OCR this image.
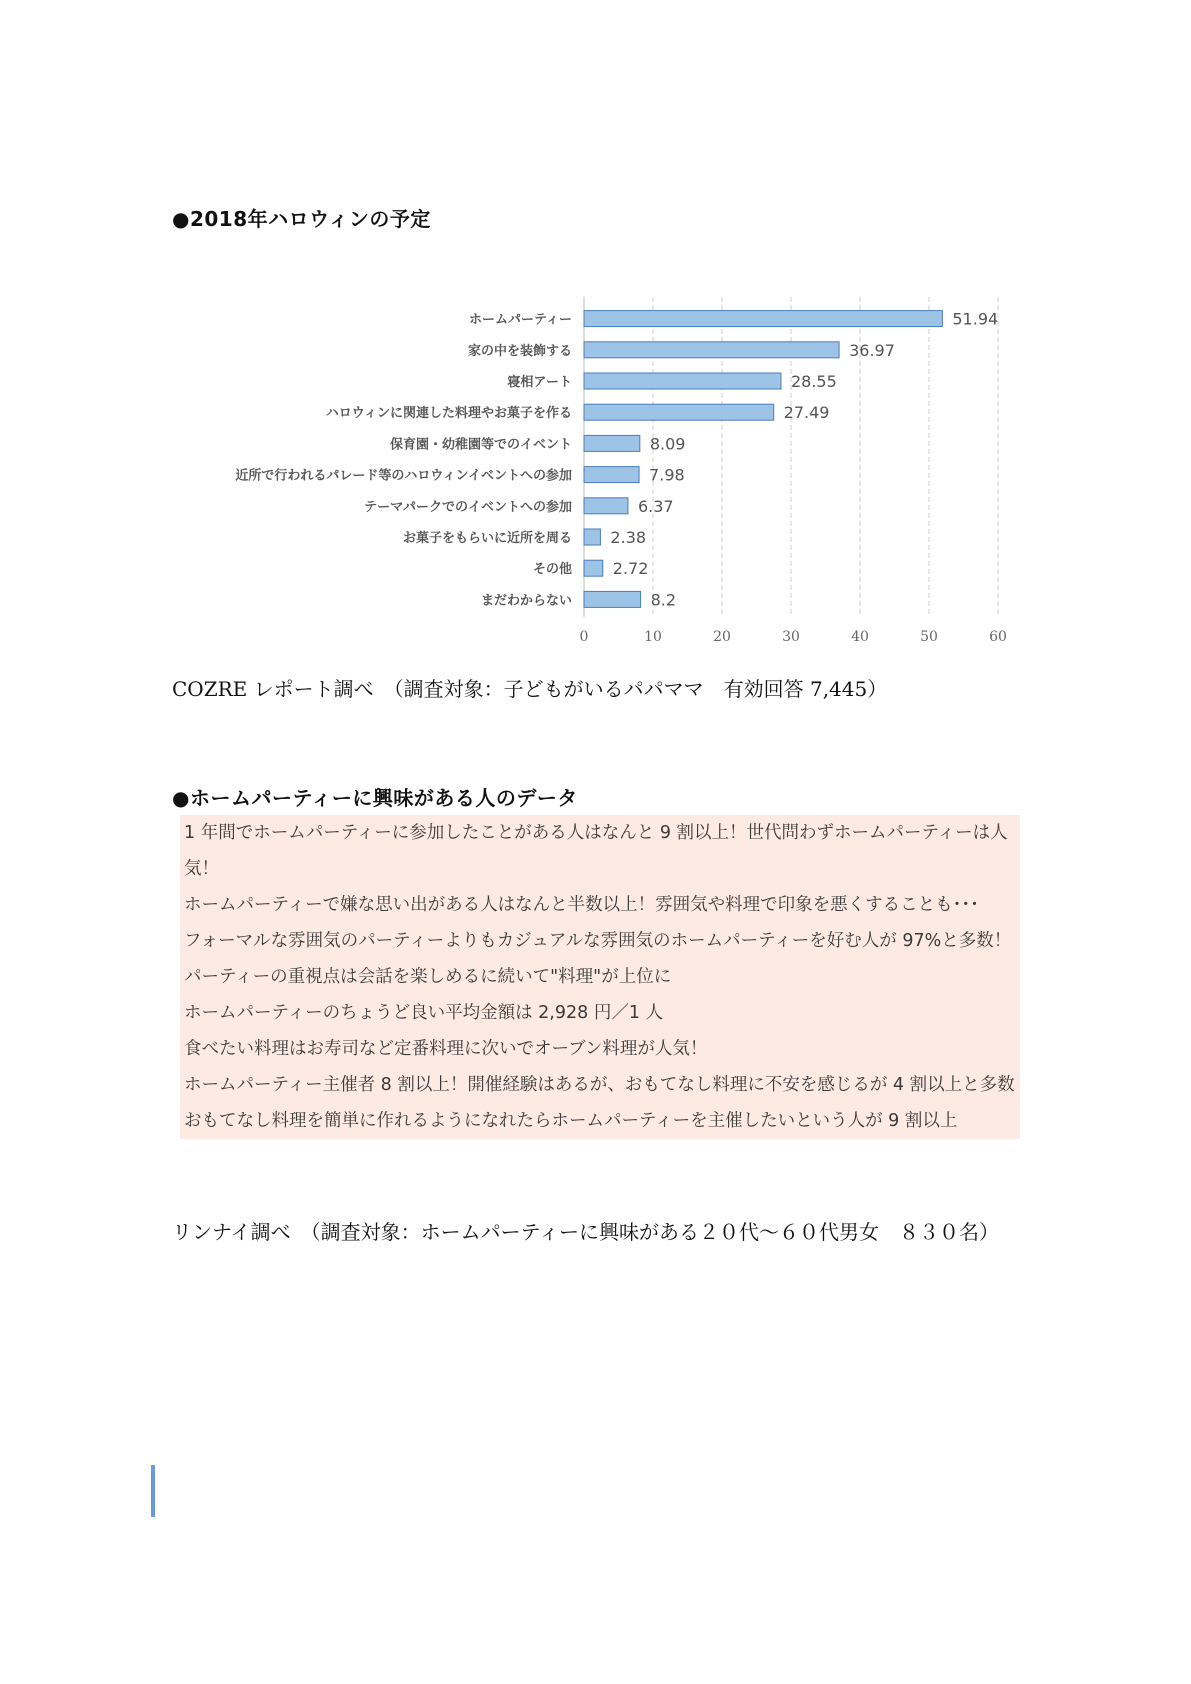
●2018年ハロウィンの予定
ホームパーティー
家の中を装飾する
寝相アート
ハロウィンに関連した料理やお菓子を作る
保育園・幼稚園等でのイベント
近所で行われるパレード等のハロウィンイベントへの参加
テーマパークでのイベントへの参加
お菓子をもらいに近所を周る
その他
まだわからない
51.94
36.97
28.55
27.49
8.09
7.98
6.37
2.38
2.72
8.2
0	10	20	30	40	50	60
COZRE レポート調べ　（調査対象：子どもがいるパパママ　有効回答 7,445）
●ホームパーティーに興味がある人のデータ
1 年間でホームパーティーに参加したことがある人はなんと 9 割以上！世代問わずホームパーティーは人気！
ホームパーティーで嫌な思い出がある人はなんと半数以上！雰囲気や料理で印象を悪くすることも･･･
フォーマルな雰囲気のパーティーよりもカジュアルな雰囲気のホームパーティーを好む人が 97%と多数！
パーティーの重視点は会話を楽しめるに続いて"料理"が上位に
ホームパーティーのちょうど良い平均金額は 2,928 円／1 人
食べたい料理はお寿司など定番料理に次いでオーブン料理が人気！
ホームパーティー主催者 8 割以上！開催経験はあるが、おもてなし料理に不安を感じるが 4 割以上と多数
おもてなし料理を簡単に作れるようになれたらホームパーティーを主催したいという人が 9 割以上
リンナイ調べ　（調査対象：ホームパーティーに興味がある２０代～６０代男女　８３０名）
